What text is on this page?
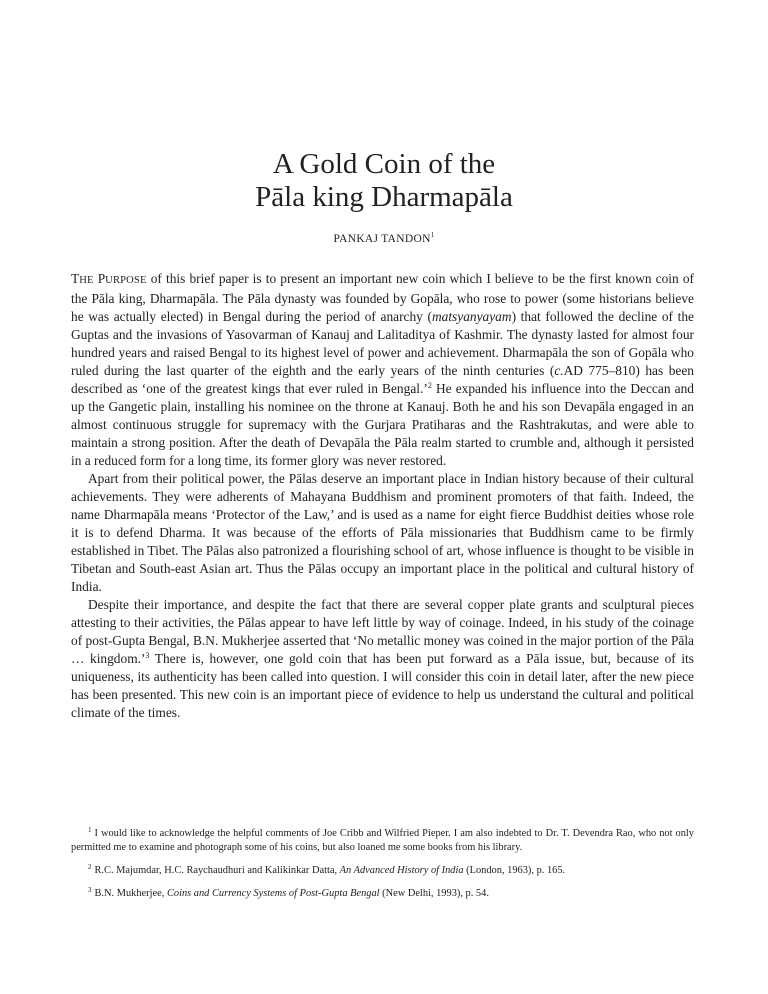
A Gold Coin of the
Pāla king Dharmapāla
PANKAJ TANDON$^1$

THE PURPOSE of this brief paper is to present an important new coin which I believe to be the first known coin of the Pāla king, Dharmapāla. The Pāla dynasty was founded by Gopāla, who rose to power (some historians believe he was actually elected) in Bengal during the period of anarchy (matsyanyayam) that followed the decline of the Guptas and the invasions of Yasovarman of Kanauj and Lalitaditya of Kashmir. The dynasty lasted for almost four hundred years and raised Bengal to its highest level of power and achievement. Dharmapāla the son of Gopāla who ruled during the last quarter of the eighth and the early years of the ninth centuries (c.AD 775–810) has been described as ‘one of the greatest kings that ever ruled in Bengal.’$^2$ He expanded his influence into the Deccan and up the Gangetic plain, installing his nominee on the throne at Kanauj. Both he and his son Devapāla engaged in an almost continuous struggle for supremacy with the Gurjara Pratiharas and the Rashtrakutas, and were able to maintain a strong position. After the death of Devapāla the Pāla realm started to crumble and, although it persisted in a reduced form for a long time, its former glory was never restored.

Apart from their political power, the Pālas deserve an important place in Indian history because of their cultural achievements. They were adherents of Mahayana Buddhism and prominent promoters of that faith. Indeed, the name Dharmapāla means ‘Protector of the Law,’ and is used as a name for eight fierce Buddhist deities whose role it is to defend Dharma. It was because of the efforts of Pāla missionaries that Buddhism came to be firmly established in Tibet. The Pālas also patronized a flourishing school of art, whose influence is thought to be visible in Tibetan and South-east Asian art. Thus the Pālas occupy an important place in the political and cultural history of India.

Despite their importance, and despite the fact that there are several copper plate grants and sculptural pieces attesting to their activities, the Pālas appear to have left little by way of coinage. Indeed, in his study of the coinage of post-Gupta Bengal, B.N. Mukherjee asserted that ‘No metallic money was coined in the major portion of the Pāla … kingdom.’$^3$ There is, however, one gold coin that has been put forward as a Pāla issue, but, because of its uniqueness, its authenticity has been called into question. I will consider this coin in detail later, after the new piece has been presented. This new coin is an important piece of evidence to help us understand the cultural and political climate of the times.

$^1$ I would like to acknowledge the helpful comments of Joe Cribb and Wilfried Pieper. I am also indebted to Dr. T. Devendra Rao, who not only permitted me to examine and photograph some of his coins, but also loaned me some books from his library.

$^2$ R.C. Majumdar, H.C. Raychaudhuri and Kalikinkar Datta, An Advanced History of India (London, 1963), p. 165.

$^3$ B.N. Mukherjee, Coins and Currency Systems of Post-Gupta Bengal (New Delhi, 1993), p. 54.
